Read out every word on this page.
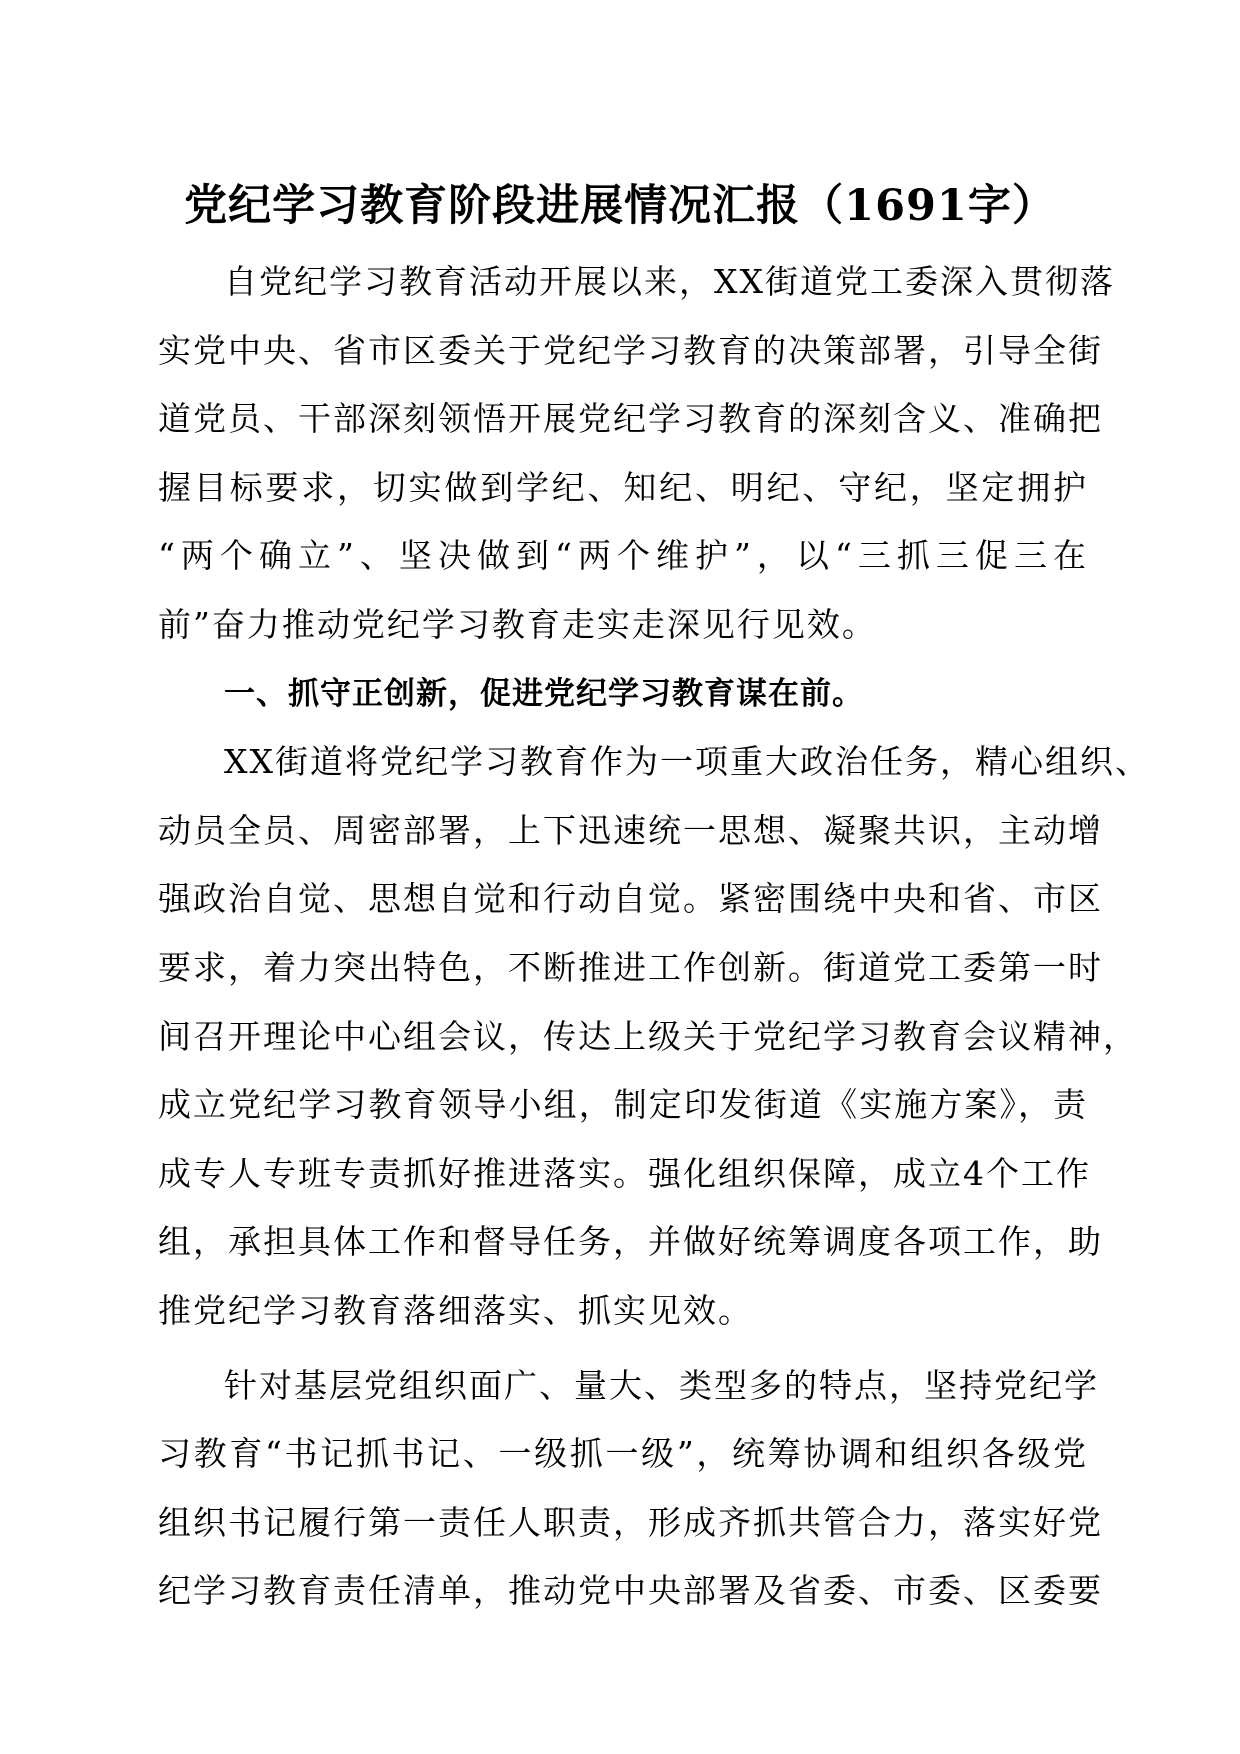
党纪学习教育阶段进展情况汇报（1691字）
自党纪学习教育活动开展以来，XX街道党工委深入贯彻落
实党中央、省市区委关于党纪学习教育的决策部署，引导全街
道党员、干部深刻领悟开展党纪学习教育的深刻含义、准确把
握目标要求，切实做到学纪、知纪、明纪、守纪，坚定拥护
“两个确立”、坚决做到“两个维护”，以“三抓三促三在
前”奋力推动党纪学习教育走实走深见行见效。
一、抓守正创新，促进党纪学习教育谋在前。
XX街道将党纪学习教育作为一项重大政治任务，精心组织、
动员全员、周密部署，上下迅速统一思想、凝聚共识，主动增
强政治自觉、思想自觉和行动自觉。紧密围绕中央和省、市区
要求，着力突出特色，不断推进工作创新。街道党工委第一时
间召开理论中心组会议，传达上级关于党纪学习教育会议精神，
成立党纪学习教育领导小组，制定印发街道《实施方案》，责
成专人专班专责抓好推进落实。强化组织保障，成立4个工作
组，承担具体工作和督导任务，并做好统筹调度各项工作，助
推党纪学习教育落细落实、抓实见效。
针对基层党组织面广、量大、类型多的特点，坚持党纪学
习教育“书记抓书记、一级抓一级”，统筹协调和组织各级党
组织书记履行第一责任人职责，形成齐抓共管合力，落实好党
纪学习教育责任清单，推动党中央部署及省委、市委、区委要
